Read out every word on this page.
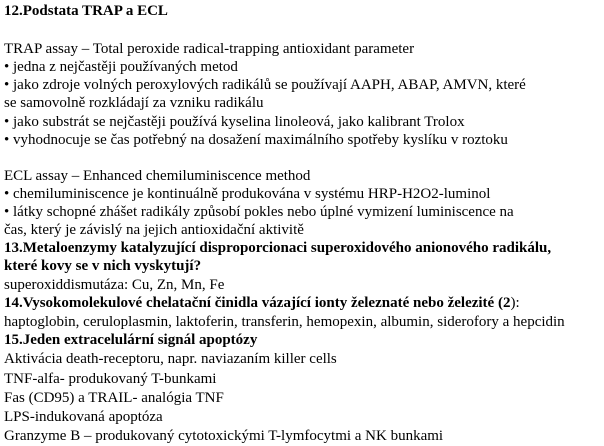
12.Podstata TRAP a ECL
TRAP assay – Total peroxide radical-trapping antioxidant parameter
• jedna z nejčastěji používaných metod
• jako zdroje volných peroxylových radikálů se používají AAPH, ABAP, AMVN, které
se samovolně rozkládají za vzniku radikálu
• jako substrát se nejčastěji používá kyselina linoleová, jako kalibrant Trolox
• vyhodnocuje se čas potřebný na dosažení maximálního spotřeby kyslíku v roztoku
ECL assay – Enhanced chemiluminiscence method
• chemiluminiscence je kontinuálně produkována v systému HRP-H2O2-luminol
• látky schopné zhášet radikály způsobí pokles nebo úplné vymizení luminiscence na
čas, který je závislý na jejich antioxidační aktivitě
13.Metaloenzymy katalyzující disproporcionaci superoxidového anionového radikálu,
které kovy se v nich vyskytují?
superoxiddismutáza: Cu, Zn, Mn, Fe
14.Vysokomolekulové chelatační činidla vázající ionty železnaté nebo železité (2):
haptoglobin, ceruloplasmin, laktoferin, transferin, hemopexin, albumin, siderofory a hepcidin
15.Jeden extracelulární signál apoptózy
Aktivácia death-receptoru, napr. naviazaním killer cells
TNF-alfa- produkovaný T-bunkami
Fas (CD95) a TRAIL- analógia TNF
LPS-indukovaná apoptóza
Granzyme B – produkovaný cytotoxickými T-lymfocytmi a NK bunkami
